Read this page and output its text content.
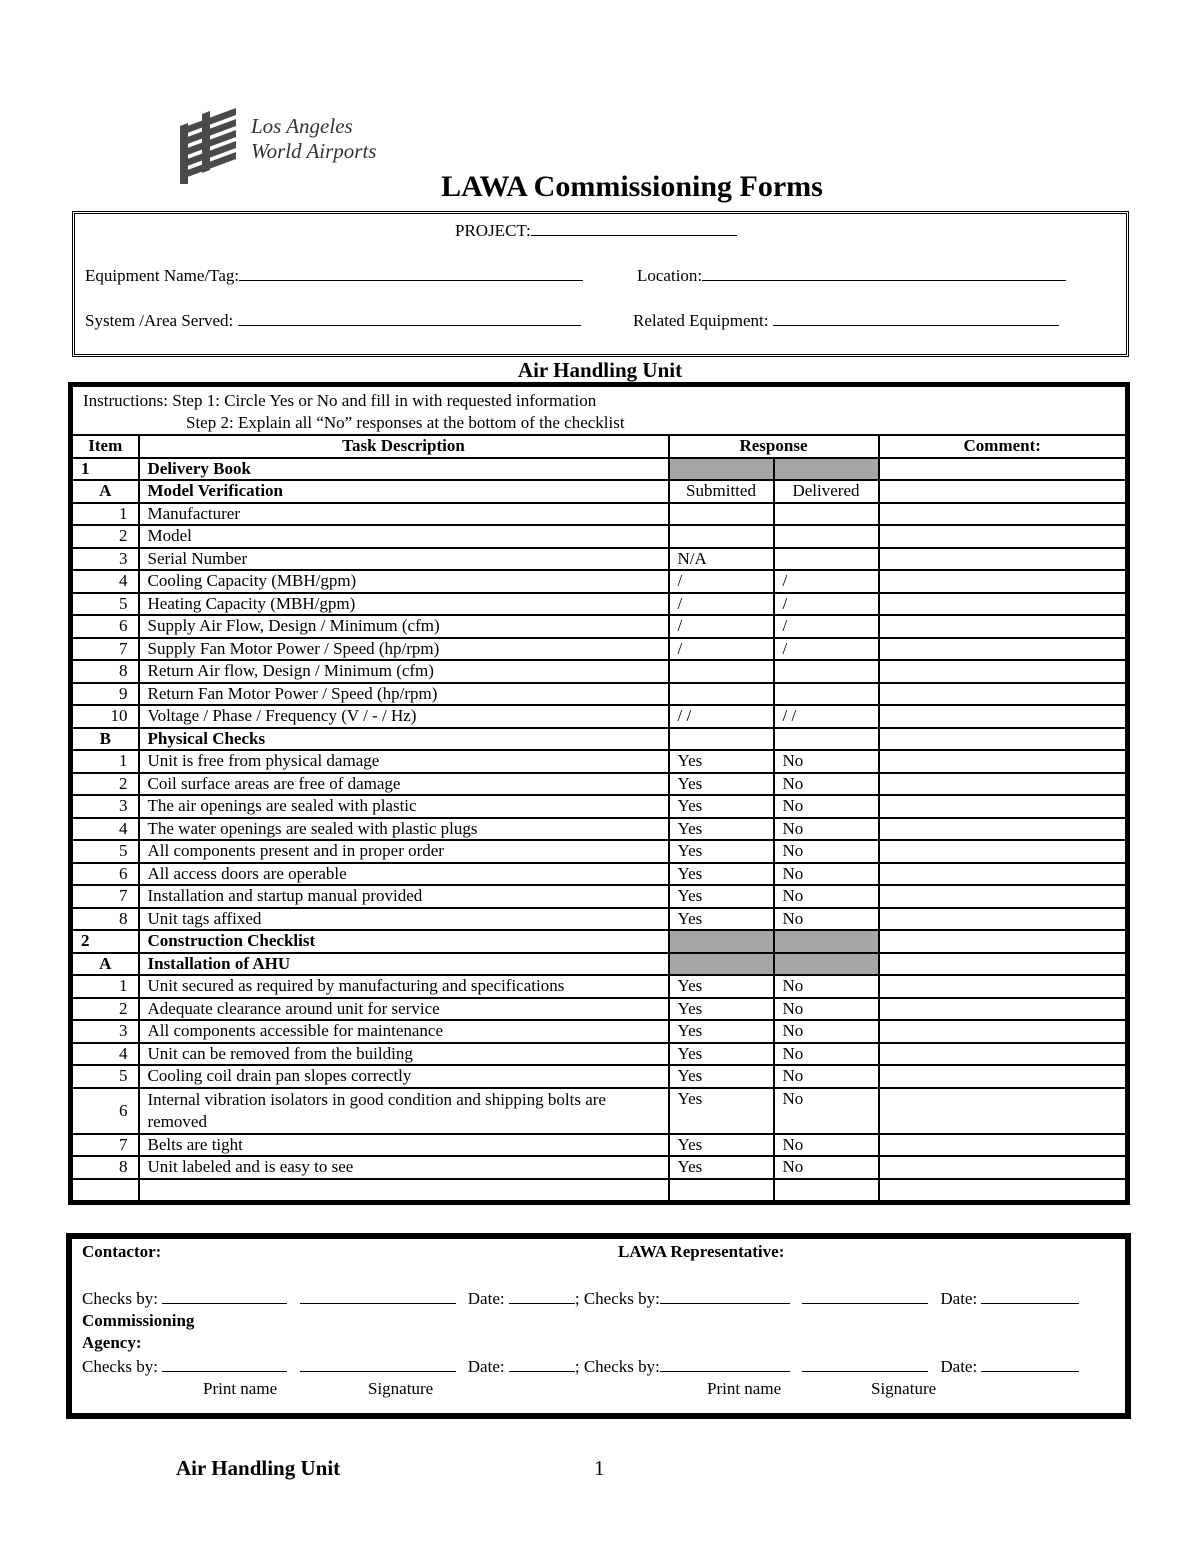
Los Angeles
World Airports
LAWA Commissioning Forms
PROJECT:
Equipment Name/Tag:	Location:
System /Area Served:	Related Equipment:
Air Handling Unit
Instructions: Step 1: Circle Yes or No and fill in with requested information
Step 2: Explain all “No” responses at the bottom of the checklist				

Item	Task Description	Response		Comment:
1	Delivery Book			
A	Model Verification	Submitted	Delivered	
1	Manufacturer			
2	Model			
3	Serial Number	N/A		
4	Cooling Capacity (MBH/gpm)	/	/	
5	Heating Capacity (MBH/gpm)	/	/	
6	Supply Air Flow, Design / Minimum (cfm)	/	/	
7	Supply Fan Motor Power / Speed (hp/rpm)	/	/	
8	Return Air flow, Design / Minimum (cfm)			
9	Return Fan Motor Power / Speed (hp/rpm)			
10	Voltage / Phase / Frequency (V / - / Hz)	/ /	/ /	
B	Physical Checks			
1	Unit is free from physical damage	Yes	No	
2	Coil surface areas are free of damage	Yes	No	
3	The air openings are sealed with plastic	Yes	No	
4	The water openings are sealed with plastic plugs	Yes	No	
5	All components present and in proper order	Yes	No	
6	All access doors are operable	Yes	No	
7	Installation and startup manual provided	Yes	No	
8	Unit tags affixed	Yes	No	
2	Construction Checklist			
A	Installation of AHU			
1	Unit secured as required by manufacturing and specifications	Yes	No	
2	Adequate clearance around unit for service	Yes	No	
3	All components accessible for maintenance	Yes	No	
4	Unit can be removed from the building	Yes	No	
5	Cooling coil drain pan slopes correctly	Yes	No	
6	Internal vibration isolators in good condition and shipping bolts are removed	Yes	No	
7	Belts are tight	Yes	No	
8	Unit labeled and is easy to see	Yes	No	

Contactor:	LAWA Representative:
Checks by:	Date:	; Checks by:	Date:
Commissioning
Agency:
Checks by:	Date:	; Checks by:	Date:
Print name	Signature	Print name	Signature
Air Handling Unit	1
